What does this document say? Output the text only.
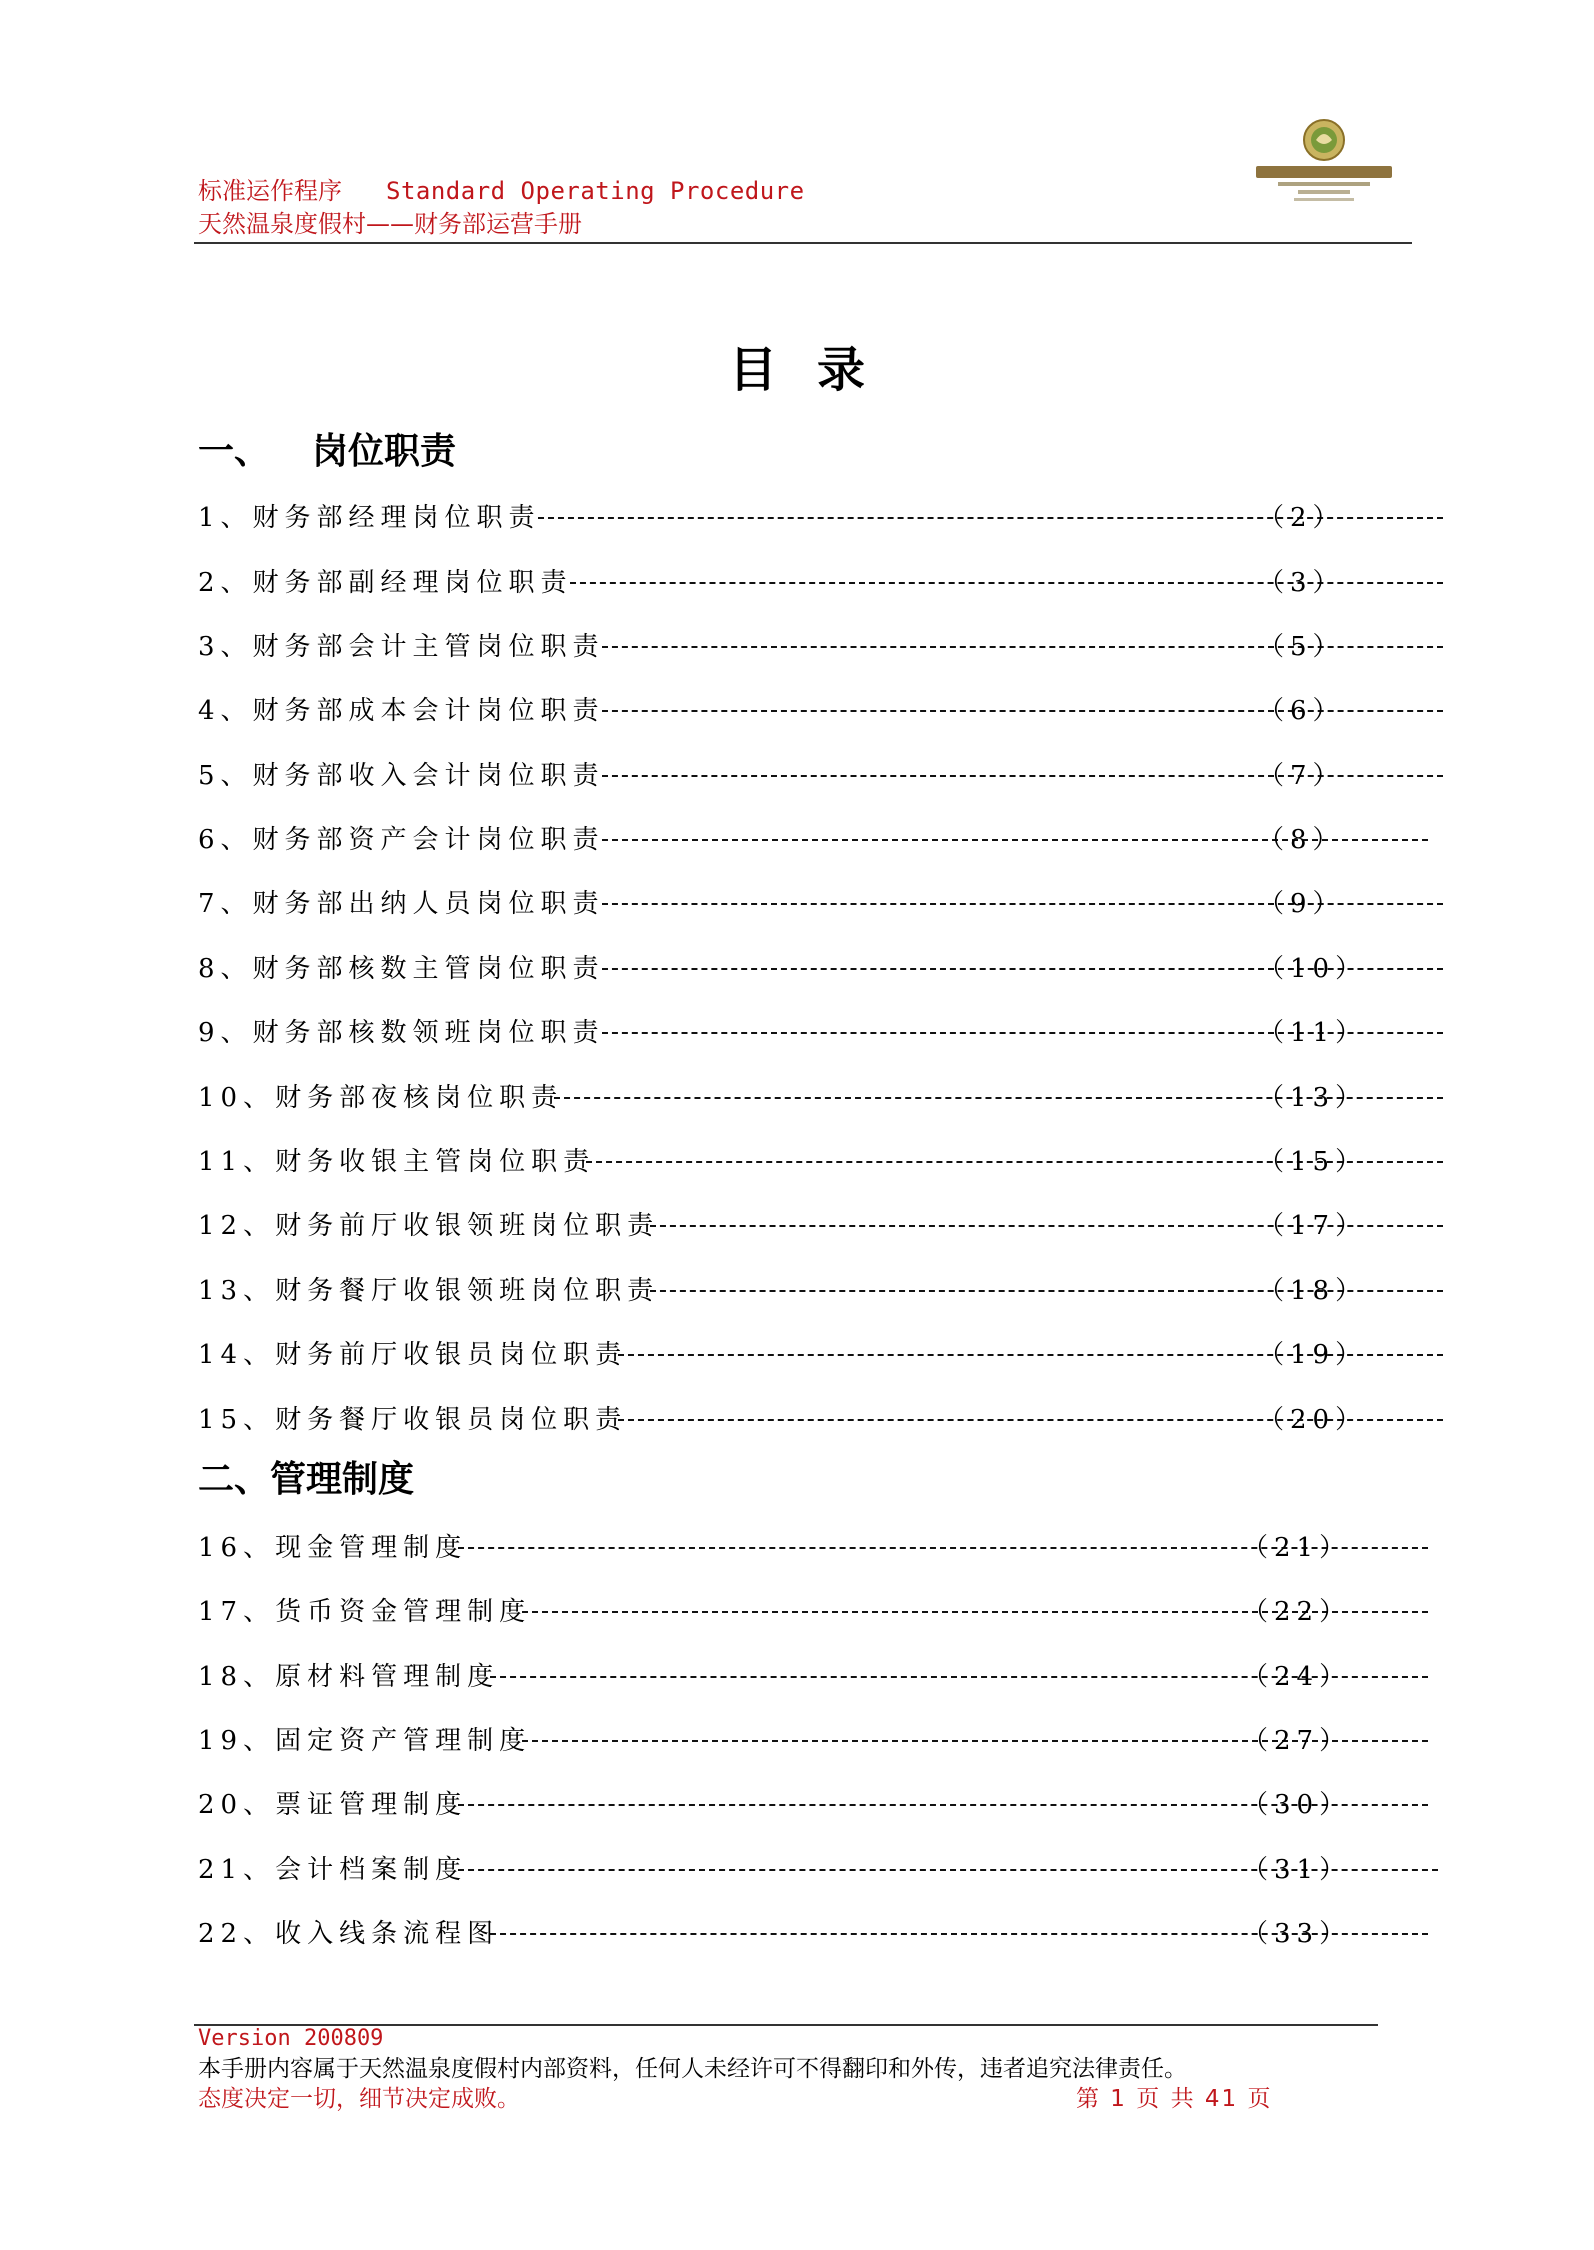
标准运作程序 Standard Operating Procedure
天然温泉度假村——财务部运营手册
目录
一、 岗位职责
1、财务部经理岗位职责	（2）
2、财务部副经理岗位职责	（3）
3、财务部会计主管岗位职责	（5）
4、财务部成本会计岗位职责	（6）
5、财务部收入会计岗位职责	（7）
6、财务部资产会计岗位职责	（8）
7、财务部出纳人员岗位职责	（9）
8、财务部核数主管岗位职责	（10）
9、财务部核数领班岗位职责	（11）
10、财务部夜核岗位职责	（13）
11、财务收银主管岗位职责	（15）
12、财务前厅收银领班岗位职责	（17）
13、财务餐厅收银领班岗位职责	（18）
14、财务前厅收银员岗位职责	（19）
15、财务餐厅收银员岗位职责	（20）
二、管理制度
16、现金管理制度	（21）
17、货币资金管理制度	（22）
18、原材料管理制度	（24）
19、固定资产管理制度	（27）
20、票证管理制度	（30）
21、会计档案制度	（31）
22、收入线条流程图	（33）
Version 200809
本手册内容属于天然温泉度假村内部资料，任何人未经许可不得翻印和外传，违者追究法律责任。
态度决定一切，细节决定成败。	第 1 页 共 41 页
